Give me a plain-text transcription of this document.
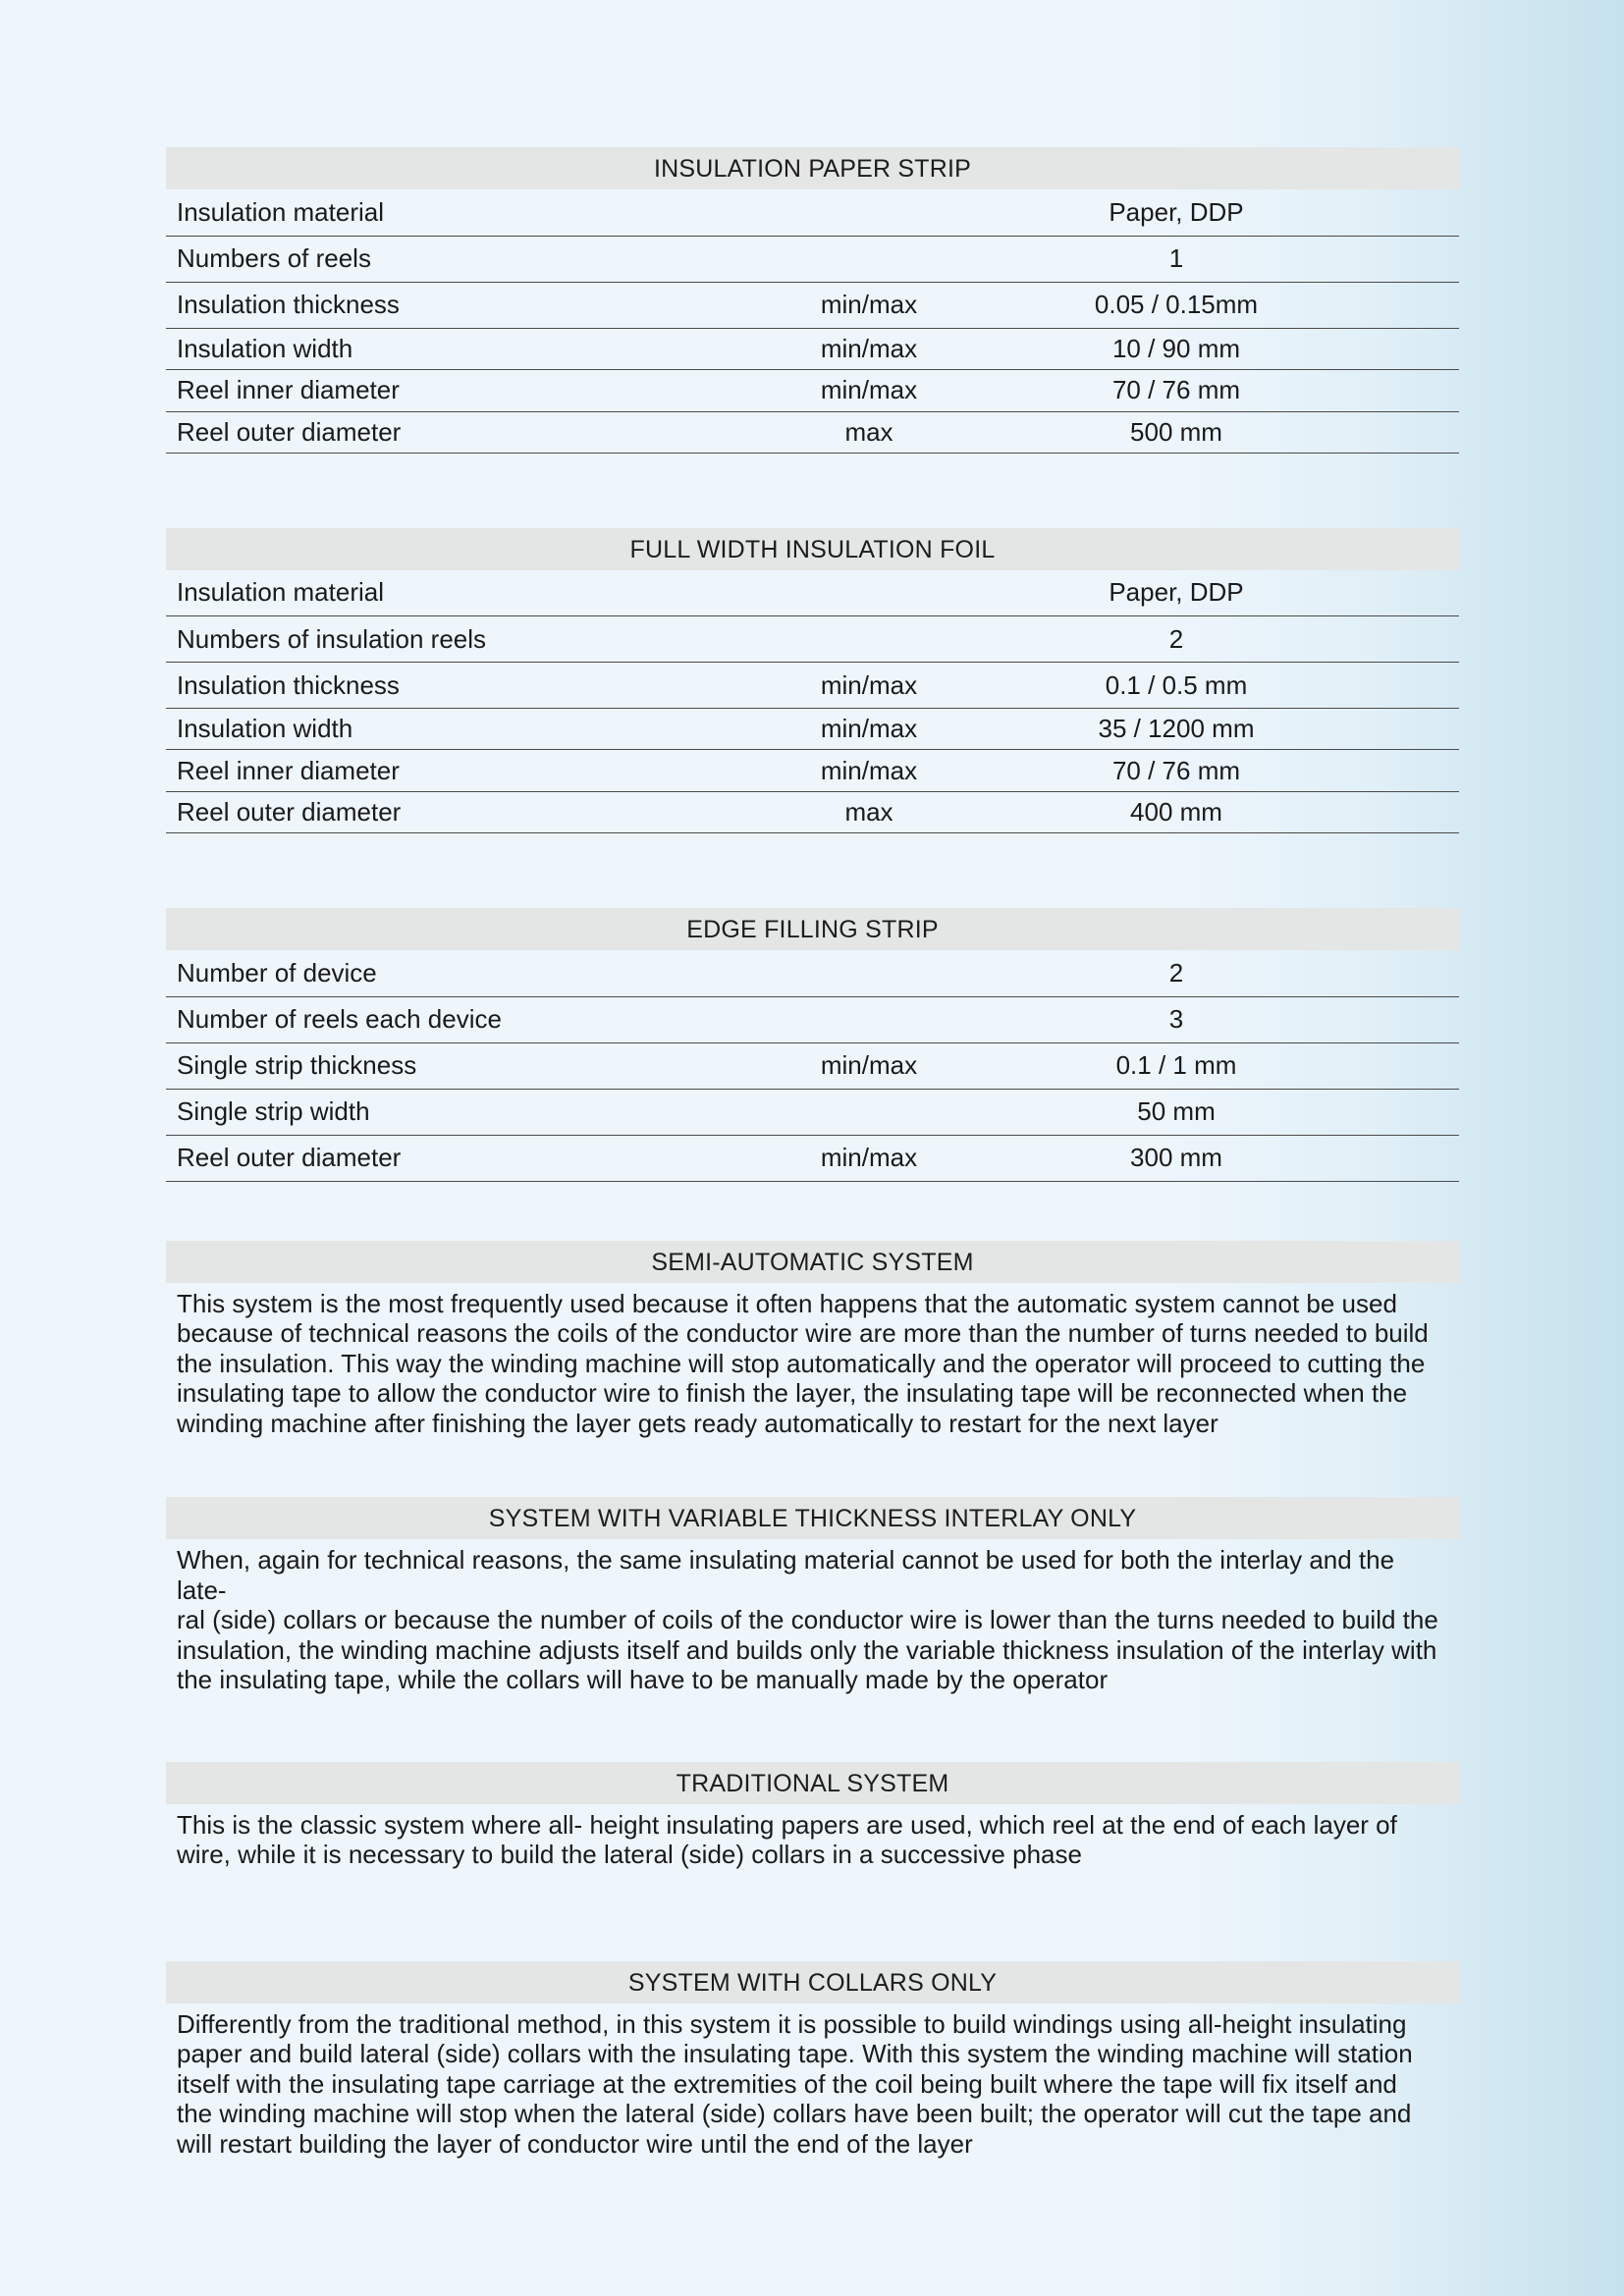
INSULATION PAPER STRIP
Insulation material		Paper, DDP
Numbers of reels		1
Insulation thickness	min/max	0.05 / 0.15mm
Insulation width	min/max	10 / 90 mm
Reel inner diameter	min/max	70 / 76 mm
Reel outer diameter	max	500 mm
FULL WIDTH INSULATION FOIL
Insulation material		Paper, DDP
Numbers of insulation reels		2
Insulation thickness	min/max	0.1 / 0.5 mm
Insulation width	min/max	35 / 1200 mm
Reel inner diameter	min/max	70 / 76 mm
Reel outer diameter	max	400 mm
EDGE FILLING STRIP
Number of device		2
Number of reels each device		3
Single strip thickness	min/max	0.1 / 1 mm
Single strip width		50 mm
Reel outer diameter	min/max	300 mm
SEMI-AUTOMATIC SYSTEM
This system is the most frequently used because it often happens that the automatic system cannot be used
because of technical reasons the coils of the conductor wire are more than the number of turns needed to build
the insulation. This way the winding machine will stop automatically and the operator will proceed to cutting the
insulating tape to allow the conductor wire to finish the layer, the insulating tape will be reconnected when the
winding machine after finishing the layer gets ready automatically to restart for the next layer
SYSTEM WITH VARIABLE THICKNESS INTERLAY ONLY
When, again for technical reasons, the same insulating material cannot be used for both the interlay and the late-
ral (side) collars or because the number of coils of the conductor wire is lower than the turns needed to build the
insulation, the winding machine adjusts itself and builds only the variable thickness insulation of the interlay with
the insulating tape, while the collars will have to be manually made by the operator
TRADITIONAL SYSTEM
This is the classic system where all- height insulating papers are used, which reel at the end of each layer of
wire, while it is necessary to build the lateral (side) collars in a successive phase
SYSTEM WITH COLLARS ONLY
Differently from the traditional method, in this system it is possible to build windings using all-height insulating
paper and build lateral (side) collars with the insulating tape. With this system the winding machine will station
itself with the insulating tape carriage at the extremities of the coil being built where the tape will fix itself and
the winding machine will stop when the lateral (side) collars have been built; the operator will cut the tape and
will restart building the layer of conductor wire until the end of the layer
